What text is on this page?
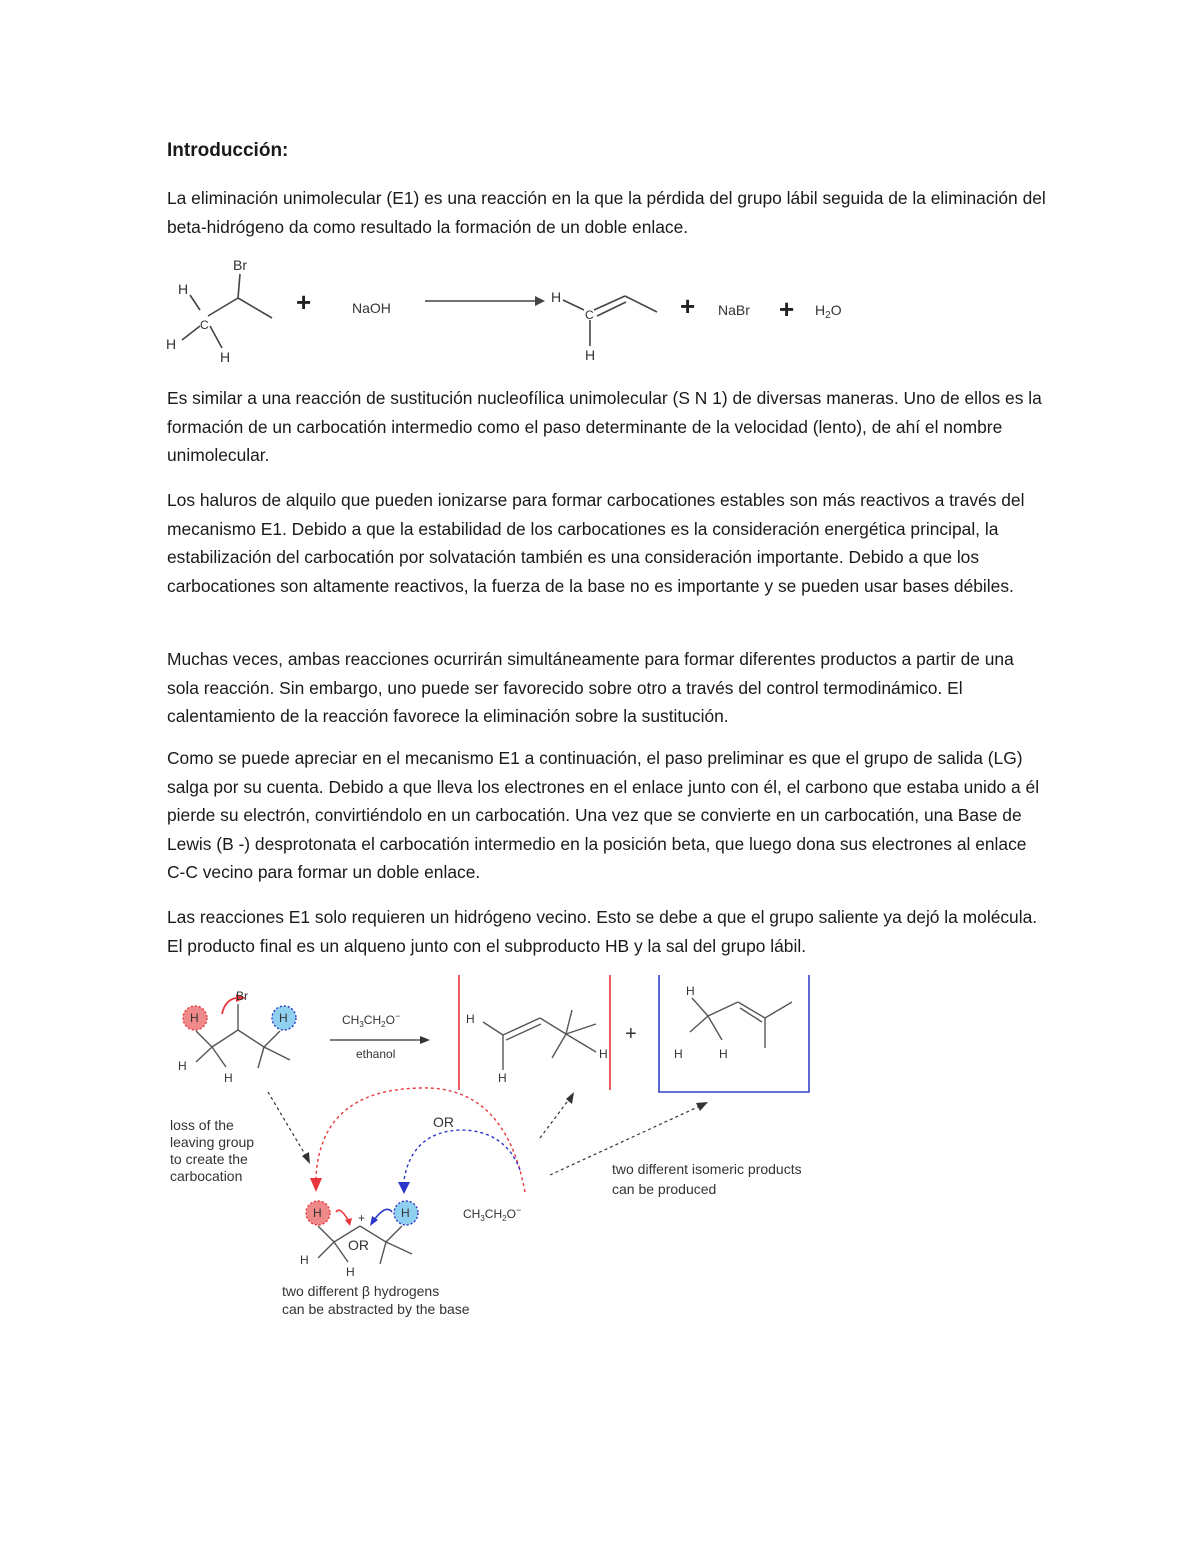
Introducción:

La eliminación unimolecular (E1) es una reacción en la que la pérdida del grupo lábil seguida de la eliminación del beta-hidrógeno da como resultado la formación de un doble enlace.

H
Br
C
H
H
H
C
H
NaOH	NaBr	$H_2O$
+	+	+

Es similar a una reacción de sustitución nucleofílica unimolecular (S N 1) de diversas maneras. Uno de ellos es la formación de un carbocatión intermedio como el paso determinante de la velocidad (lento), de ahí el nombre unimolecular.

Los haluros de alquilo que pueden ionizarse para formar carbocationes estables son más reactivos a través del mecanismo E1. Debido a que la estabilidad de los carbocationes es la consideración energética principal, la estabilización del carbocatión por solvatación también es una consideración importante. Debido a que los carbocationes son altamente reactivos, la fuerza de la base no es importante y se pueden usar bases débiles.

Muchas veces, ambas reacciones ocurrirán simultáneamente para formar diferentes productos a partir de una sola reacción. Sin embargo, uno puede ser favorecido sobre otro a través del control termodinámico. El calentamiento de la reacción favorece la eliminación sobre la sustitución.

Como se puede apreciar en el mecanismo E1 a continuación, el paso preliminar es que el grupo de salida (LG) salga por su cuenta. Debido a que lleva los electrones en el enlace junto con él, el carbono que estaba unido a él pierde su electrón, convirtiéndolo en un carbocatión. Una vez que se convierte en un carbocatión, una Base de Lewis (B -) desprotonata el carbocatión intermedio en la posición beta, que luego dona sus electrones al enlace C-C vecino para formar un doble enlace.

Las reacciones E1 solo requieren un hidrógeno vecino. Esto se debe a que el grupo saliente ya dejó la molécula. El producto final es un alqueno junto con el subproducto HB y la sal del grupo lábil.

H	H
Br
H
H
$CH_3CH_2O^-$
ethanol
H
H
H
+
H
H	H
OR
H	H
+
H
H
$CH_3CH_2O^-$
OR
loss of the
leaving group
to create the
carbocation	two different isomeric products
can be produced
two different β hydrogens
can be abstracted by the base
